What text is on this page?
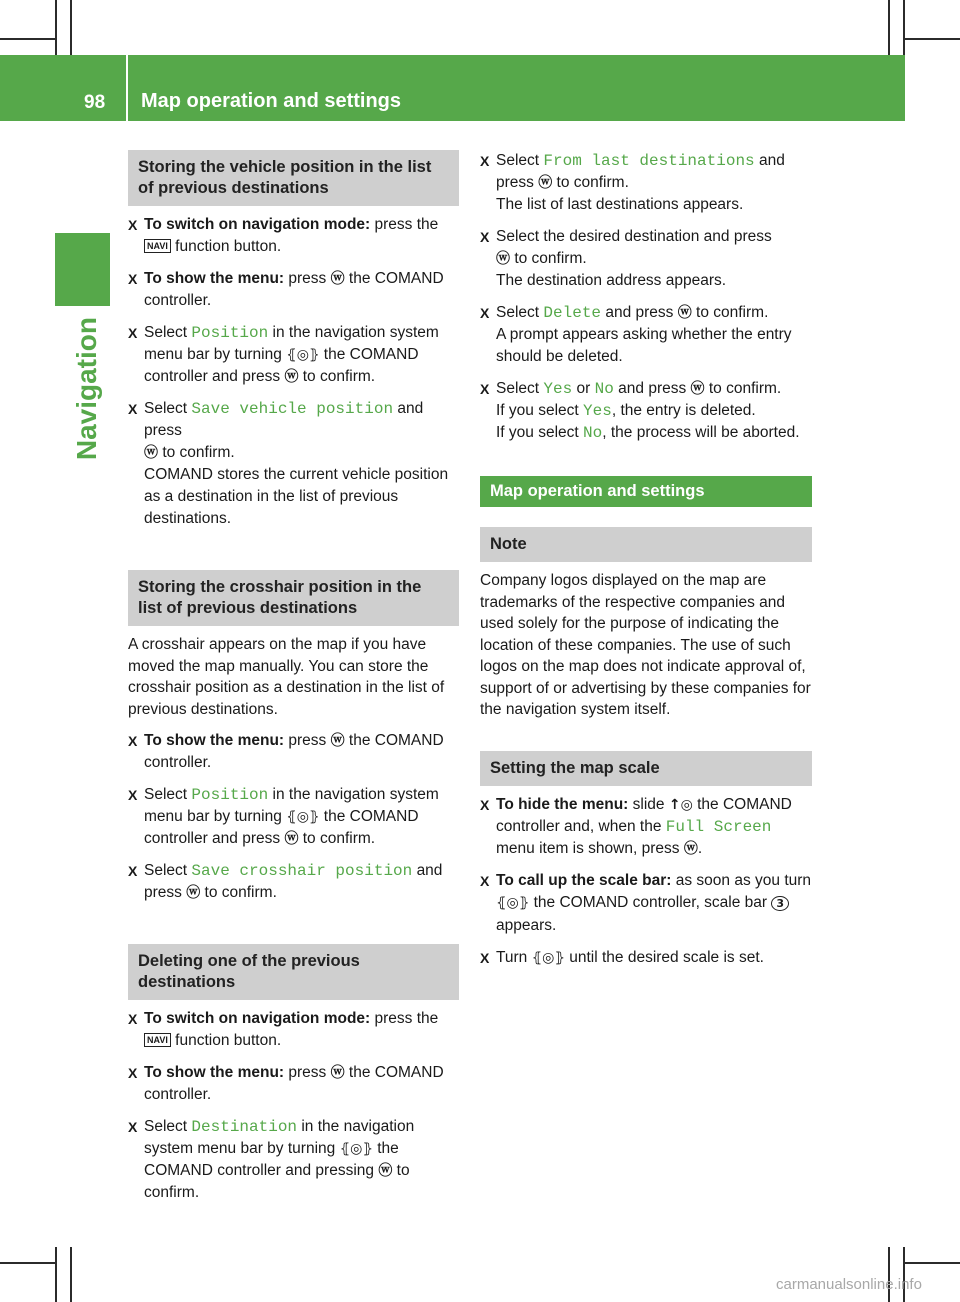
98	Map operation and settings
Navigation
Storing the vehicle position in the list of previous destinations
X To switch on navigation mode: press the
NAVI function button.
X To show the menu: press ⓦ the COMAND controller.
X Select Position in the navigation system menu bar by turning ⦃◎⦄ the COMAND controller and press ⓦ to confirm.
X Select Save vehicle position and press
ⓦ to confirm.
COMAND stores the current vehicle position as a destination in the list of previous destinations.
Storing the crosshair position in the list of previous destinations
A crosshair appears on the map if you have moved the map manually. You can store the crosshair position as a destination in the list of previous destinations.
X To show the menu: press ⓦ the COMAND controller.
X Select Position in the navigation system menu bar by turning ⦃◎⦄ the COMAND controller and press ⓦ to confirm.
X Select Save crosshair position and press ⓦ to confirm.
Deleting one of the previous destinations
X To switch on navigation mode: press the
NAVI function button.
X To show the menu: press ⓦ the COMAND controller.
X Select Destination in the navigation system menu bar by turning ⦃◎⦄ the COMAND controller and pressing ⓦ to confirm.
X Select From last destinations and press ⓦ to confirm.
The list of last destinations appears.
X Select the desired destination and press
ⓦ to confirm.
The destination address appears.
X Select Delete and press ⓦ to confirm.
A prompt appears asking whether the entry should be deleted.
X Select Yes or No and press ⓦ to confirm.
If you select Yes, the entry is deleted.
If you select No, the process will be aborted.
Map operation and settings
Note
Company logos displayed on the map are trademarks of the respective companies and used solely for the purpose of indicating the location of these companies. The use of such logos on the map does not indicate approval of, support of or advertising by these companies for the navigation system itself.
Setting the map scale
X To hide the menu: slide ↑◎ the COMAND controller and, when the Full Screen menu item is shown, press ⓦ.
X To call up the scale bar: as soon as you turn ⦃◎⦄ the COMAND controller, scale bar 3 appears.
X Turn ⦃◎⦄ until the desired scale is set.
carmanualsonline.info
